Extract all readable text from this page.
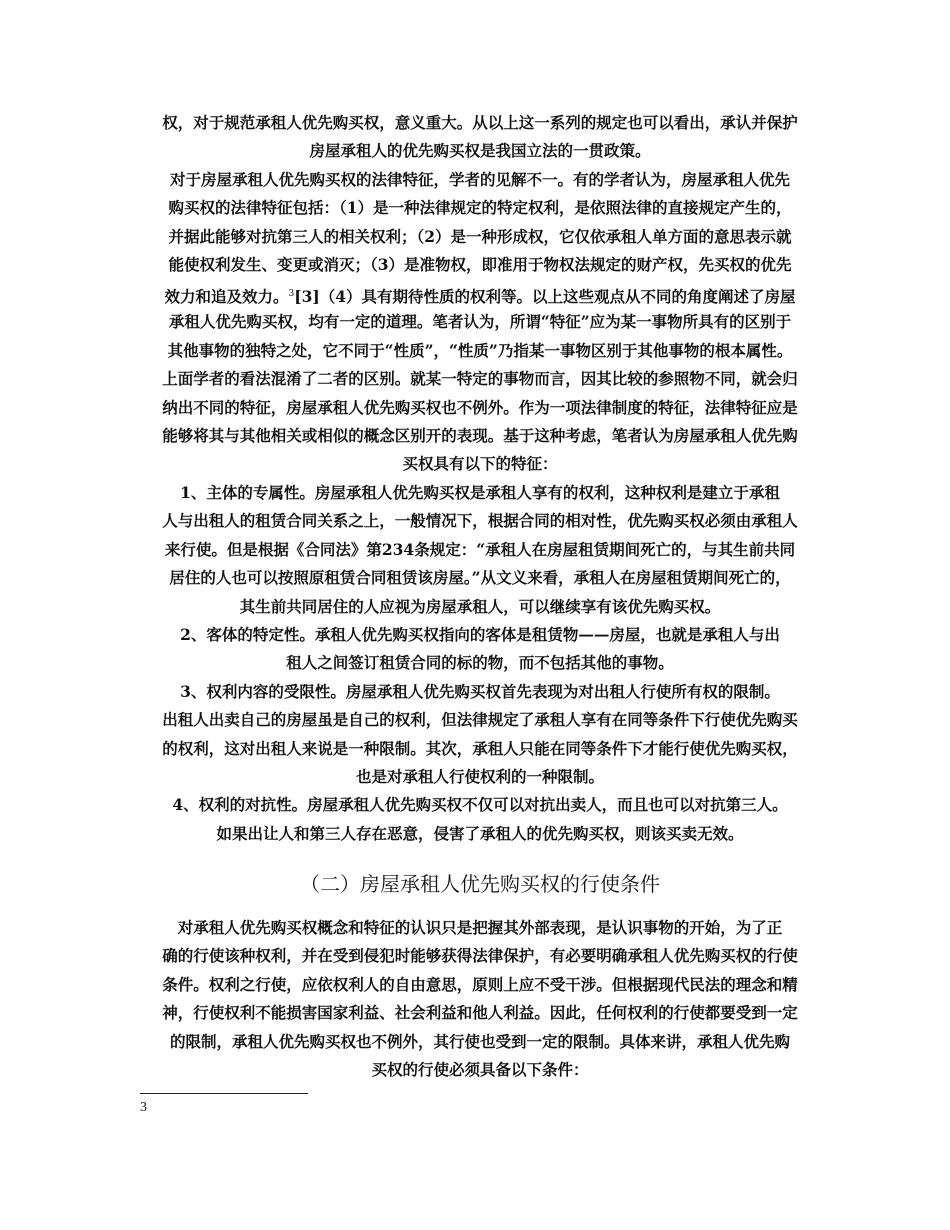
权，对于规范承租人优先购买权，意义重大。从以上这一系列的规定也可以看出，承认并保护
房屋承租人的优先购买权是我国立法的一贯政策。
对于房屋承租人优先购买权的法律特征，学者的见解不一。有的学者认为，房屋承租人优先
购买权的法律特征包括：（1）是一种法律规定的特定权利，是依照法律的直接规定产生的，
并据此能够对抗第三人的相关权利；（2）是一种形成权，它仅依承租人单方面的意思表示就
能使权利发生、变更或消灭；（3）是准物权，即准用于物权法规定的财产权，先买权的优先
效力和追及效力。$^3$[3]（4）具有期待性质的权利等。以上这些观点从不同的角度阐述了房屋
承租人优先购买权，均有一定的道理。笔者认为，所谓“特征”应为某一事物所具有的区别于
其他事物的独特之处，它不同于“性质”，“性质”乃指某一事物区别于其他事物的根本属性。
上面学者的看法混淆了二者的区别。就某一特定的事物而言，因其比较的参照物不同，就会归
纳出不同的特征，房屋承租人优先购买权也不例外。作为一项法律制度的特征，法律特征应是
能够将其与其他相关或相似的概念区别开的表现。基于这种考虑，笔者认为房屋承租人优先购
买权具有以下的特征：
1、主体的专属性。房屋承租人优先购买权是承租人享有的权利，这种权利是建立于承租
人与出租人的租赁合同关系之上，一般情况下，根据合同的相对性，优先购买权必须由承租人
来行使。但是根据《合同法》第234条规定：“承租人在房屋租赁期间死亡的，与其生前共同
居住的人也可以按照原租赁合同租赁该房屋。”从文义来看，承租人在房屋租赁期间死亡的，
其生前共同居住的人应视为房屋承租人，可以继续享有该优先购买权。
2、客体的特定性。承租人优先购买权指向的客体是租赁物——房屋，也就是承租人与出
租人之间签订租赁合同的标的物，而不包括其他的事物。
3、权利内容的受限性。房屋承租人优先购买权首先表现为对出租人行使所有权的限制。
出租人出卖自己的房屋虽是自己的权利，但法律规定了承租人享有在同等条件下行使优先购买
的权利，这对出租人来说是一种限制。其次，承租人只能在同等条件下才能行使优先购买权，
也是对承租人行使权利的一种限制。
4、权利的对抗性。房屋承租人优先购买权不仅可以对抗出卖人，而且也可以对抗第三人。
如果出让人和第三人存在恶意，侵害了承租人的优先购买权，则该买卖无效。
（二）房屋承租人优先购买权的行使条件
对承租人优先购买权概念和特征的认识只是把握其外部表现，是认识事物的开始，为了正
确的行使该种权利，并在受到侵犯时能够获得法律保护，有必要明确承租人优先购买权的行使
条件。权利之行使，应依权利人的自由意思，原则上应不受干涉。但根据现代民法的理念和精
神，行使权利不能损害国家利益、社会利益和他人利益。因此，任何权利的行使都要受到一定
的限制，承租人优先购买权也不例外，其行使也受到一定的限制。具体来讲，承租人优先购
买权的行使必须具备以下条件：
3
